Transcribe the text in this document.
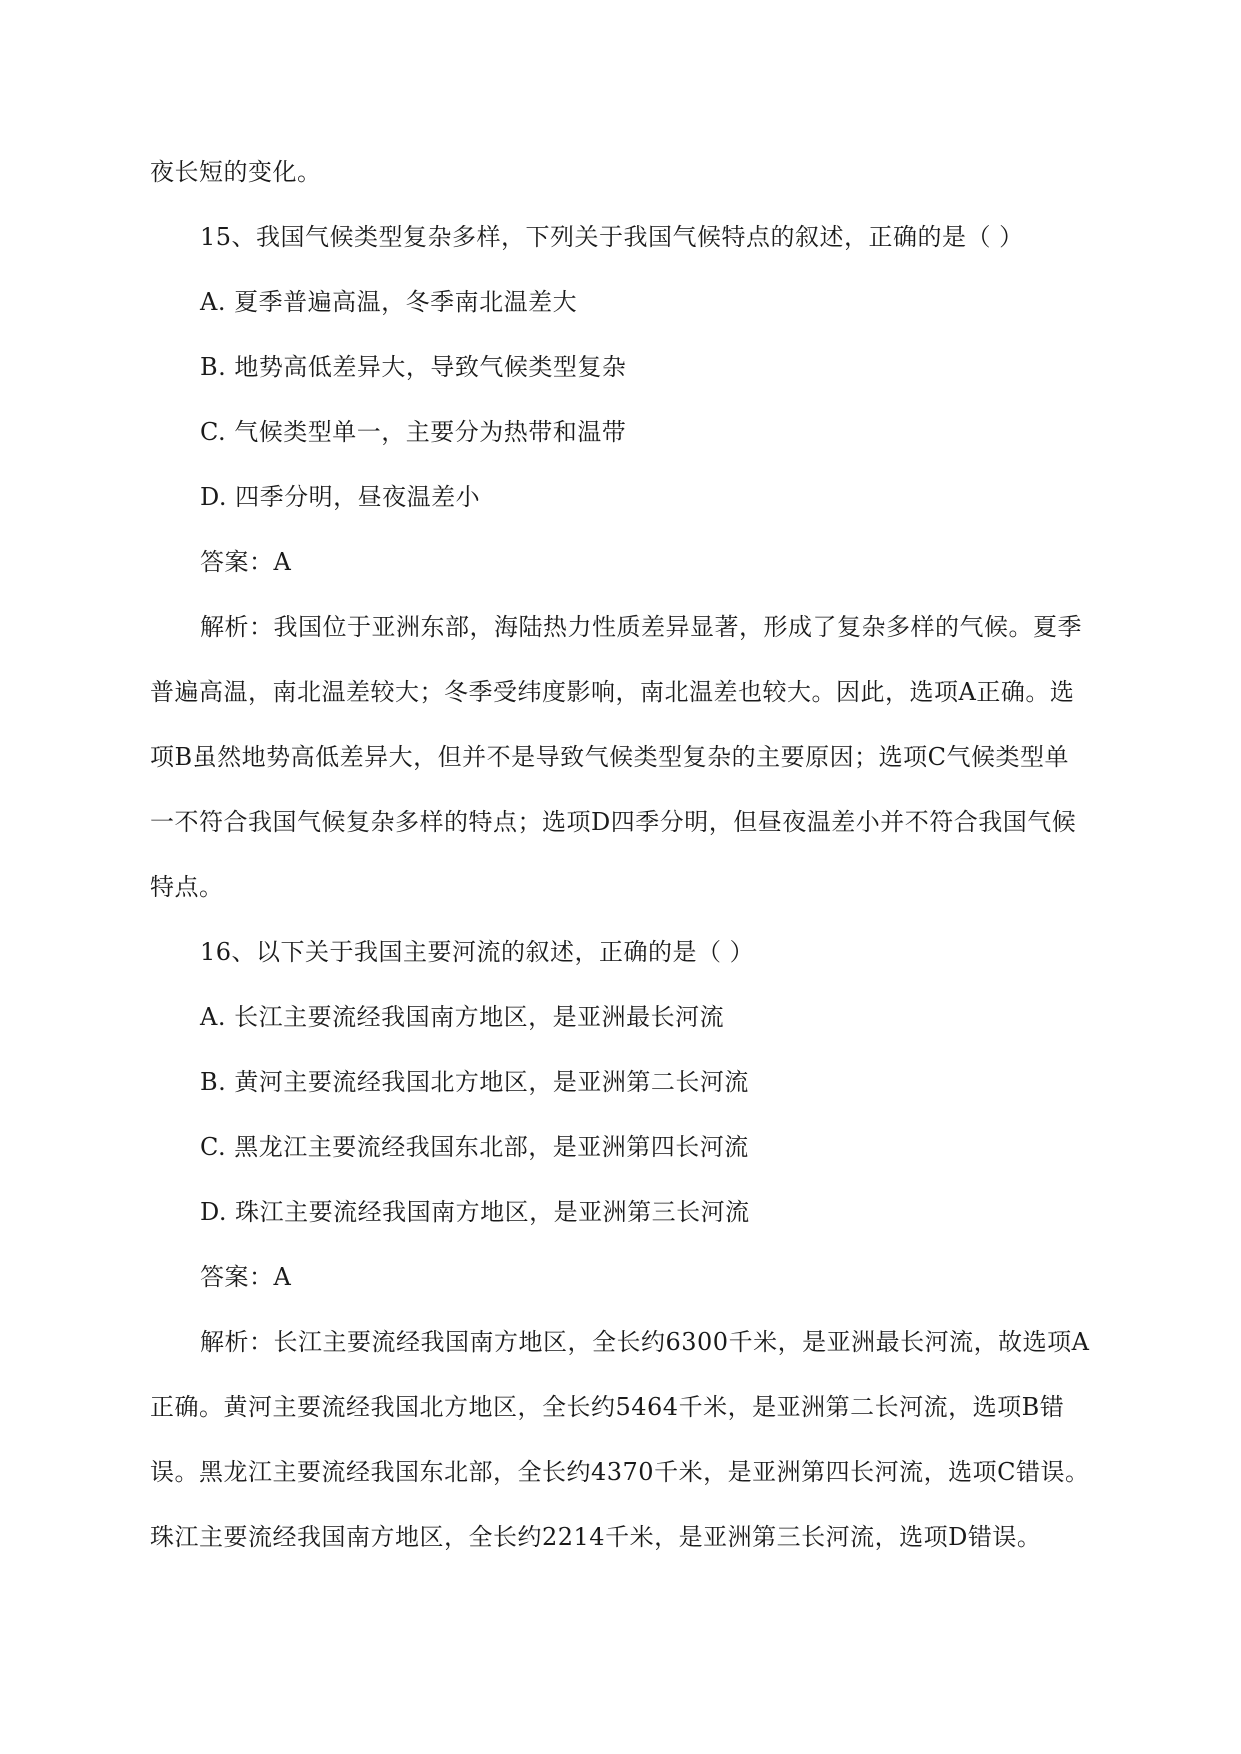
夜长短的变化。
15、我国气候类型复杂多样，下列关于我国气候特点的叙述，正确的是（ ）
A. 夏季普遍高温，冬季南北温差大
B. 地势高低差异大，导致气候类型复杂
C. 气候类型单一，主要分为热带和温带
D. 四季分明，昼夜温差小
答案：A
解析：我国位于亚洲东部，海陆热力性质差异显著，形成了复杂多样的气候。夏季
普遍高温，南北温差较大；冬季受纬度影响，南北温差也较大。因此，选项A正确。选
项B虽然地势高低差异大，但并不是导致气候类型复杂的主要原因；选项C气候类型单
一不符合我国气候复杂多样的特点；选项D四季分明，但昼夜温差小并不符合我国气候
特点。
16、以下关于我国主要河流的叙述，正确的是（ ）
A. 长江主要流经我国南方地区，是亚洲最长河流
B. 黄河主要流经我国北方地区，是亚洲第二长河流
C. 黑龙江主要流经我国东北部，是亚洲第四长河流
D. 珠江主要流经我国南方地区，是亚洲第三长河流
答案：A
解析：长江主要流经我国南方地区，全长约6300千米，是亚洲最长河流，故选项A
正确。黄河主要流经我国北方地区，全长约5464千米，是亚洲第二长河流，选项B错
误。黑龙江主要流经我国东北部，全长约4370千米，是亚洲第四长河流，选项C错误。
珠江主要流经我国南方地区，全长约2214千米，是亚洲第三长河流，选项D错误。
